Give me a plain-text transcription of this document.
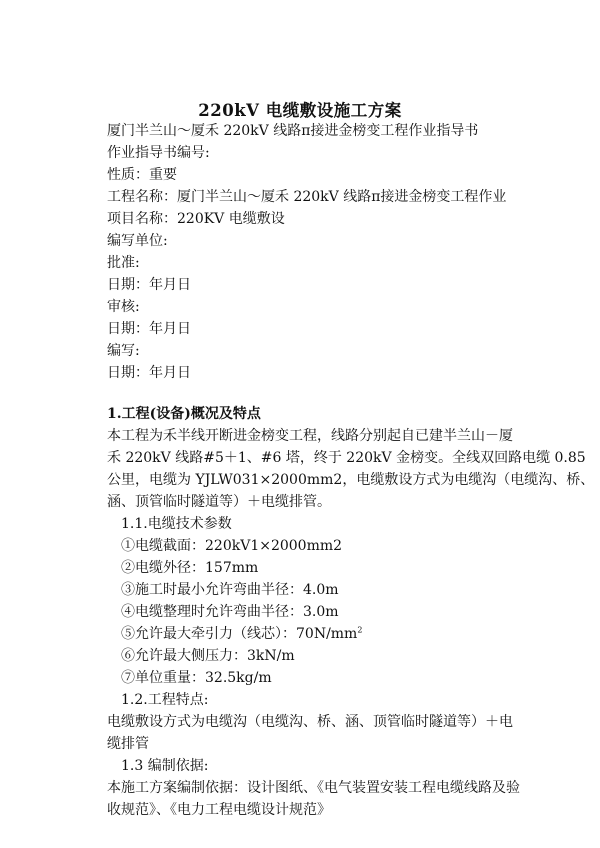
220kV 电缆敷设施工方案
厦门半兰山～厦禾 220kV 线路π接进金榜变工程作业指导书
作业指导书编号:
性质：重要
工程名称：厦门半兰山～厦禾 220kV 线路π接进金榜变工程作业
项目名称：220KV 电缆敷设
编写单位:
批准:
日期：年月日
审核:
日期：年月日
编写:
日期：年月日
1.工程(设备)概况及特点
本工程为禾半线开断进金榜变工程，线路分别起自已建半兰山－厦
禾 220kV 线路#5＋1、#6 塔，终于 220kV 金榜变。全线双回路电缆 0.85
公里，电缆为 YJLW031×2000mm2，电缆敷设方式为电缆沟（电缆沟、桥、
涵、顶管临时隧道等）＋电缆排管。
1.1.电缆技术参数
①电缆截面：220kV1×2000mm2
②电缆外径：157mm
③施工时最小允许弯曲半径：4.0m
④电缆整理时允许弯曲半径：3.0m
⑤允许最大牵引力（线芯）：$70N/mm^2$
⑥允许最大侧压力：3kN/m
⑦单位重量：32.5kg/m
1.2.工程特点:
电缆敷设方式为电缆沟（电缆沟、桥、涵、顶管临时隧道等）＋电
缆排管
1.3 编制依据:
本施工方案编制依据：设计图纸、《电气装置安装工程电缆线路及验
收规范》、《电力工程电缆设计规范》
